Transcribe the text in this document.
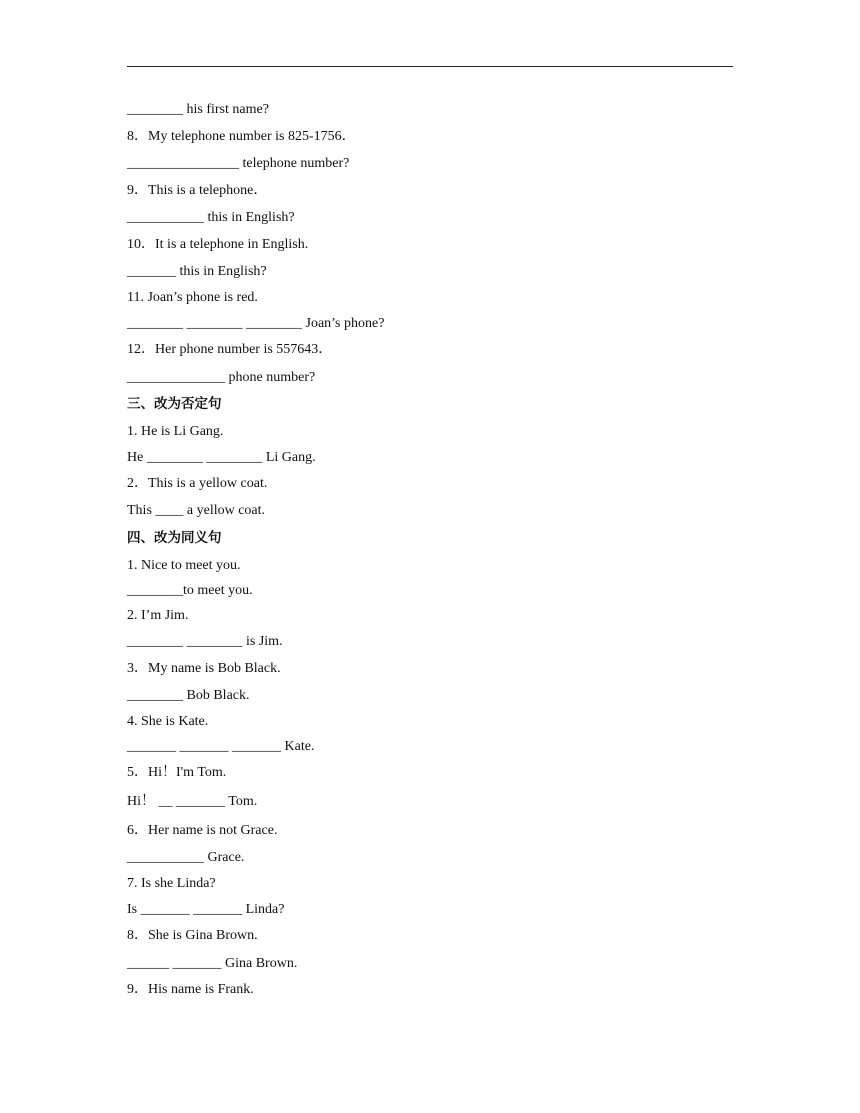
________ his first name?
8．My telephone number is 825-1756．
________________ telephone number?
9．This is a telephone．
___________ this in English?
10．It is a telephone in English.
_______ this in English?
11. Joan’s phone is red.
________ ________ ________ Joan’s phone?
12．Her phone number is 557643．
______________ phone number?
三、改为否定句
1. He is Li Gang.
He ________ ________ Li Gang.
2．This is a yellow coat.
This ____ a yellow coat.
四、改为同义句
1. Nice to meet you.
________to meet you.
2. I’m Jim.
________ ________ is Jim.
3．My name is Bob Black.
________ Bob Black.
4. She is Kate.
_______ _______ _______ Kate.
5．Hi！I'm Tom.
Hi！ __ _______ Tom.
6．Her name is not Grace.
___________ Grace.
7. Is she Linda?
Is _______ _______ Linda?
8．She is Gina Brown.
______ _______ Gina Brown.
9．His name is Frank.
